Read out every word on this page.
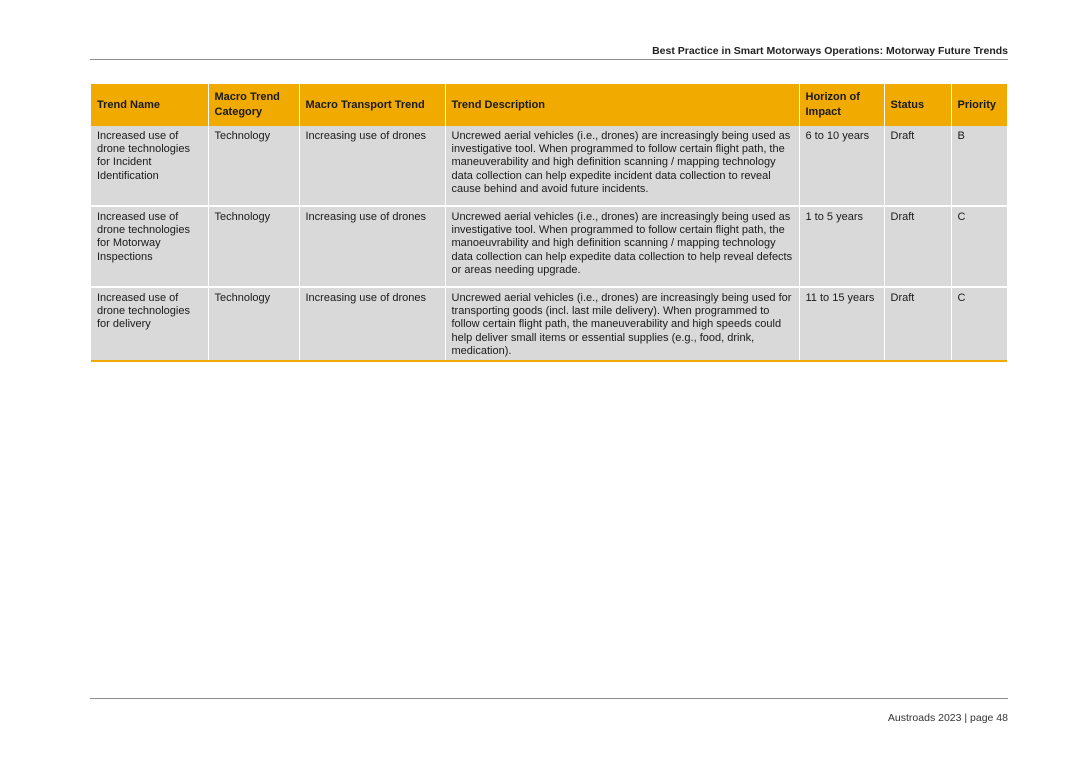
Best Practice in Smart Motorways Operations: Motorway Future Trends
Trend Name	Macro Trend Category	Macro Transport Trend	Trend Description	Horizon of Impact	Status	Priority
Increased use of drone technologies for Incident Identification	Technology	Increasing use of drones	Uncrewed aerial vehicles (i.e., drones) are increasingly being used as investigative tool. When programmed to follow certain flight path, the maneuverability and high definition scanning / mapping technology data collection can help expedite incident data collection to reveal cause behind and avoid future incidents.	6 to 10 years	Draft	B
Increased use of drone technologies for Motorway Inspections	Technology	Increasing use of drones	Uncrewed aerial vehicles (i.e., drones) are increasingly being used as investigative tool. When programmed to follow certain flight path, the manoeuvrability and high definition scanning / mapping technology data collection can help expedite data collection to help reveal defects or areas needing upgrade.	1 to 5 years	Draft	C
Increased use of drone technologies for delivery	Technology	Increasing use of drones	Uncrewed aerial vehicles (i.e., drones) are increasingly being used for transporting goods (incl. last mile delivery). When programmed to follow certain flight path, the maneuverability and high speeds could help deliver small items or essential supplies (e.g., food, drink, medication).	11 to 15 years	Draft	C
Austroads 2023 | page 48
